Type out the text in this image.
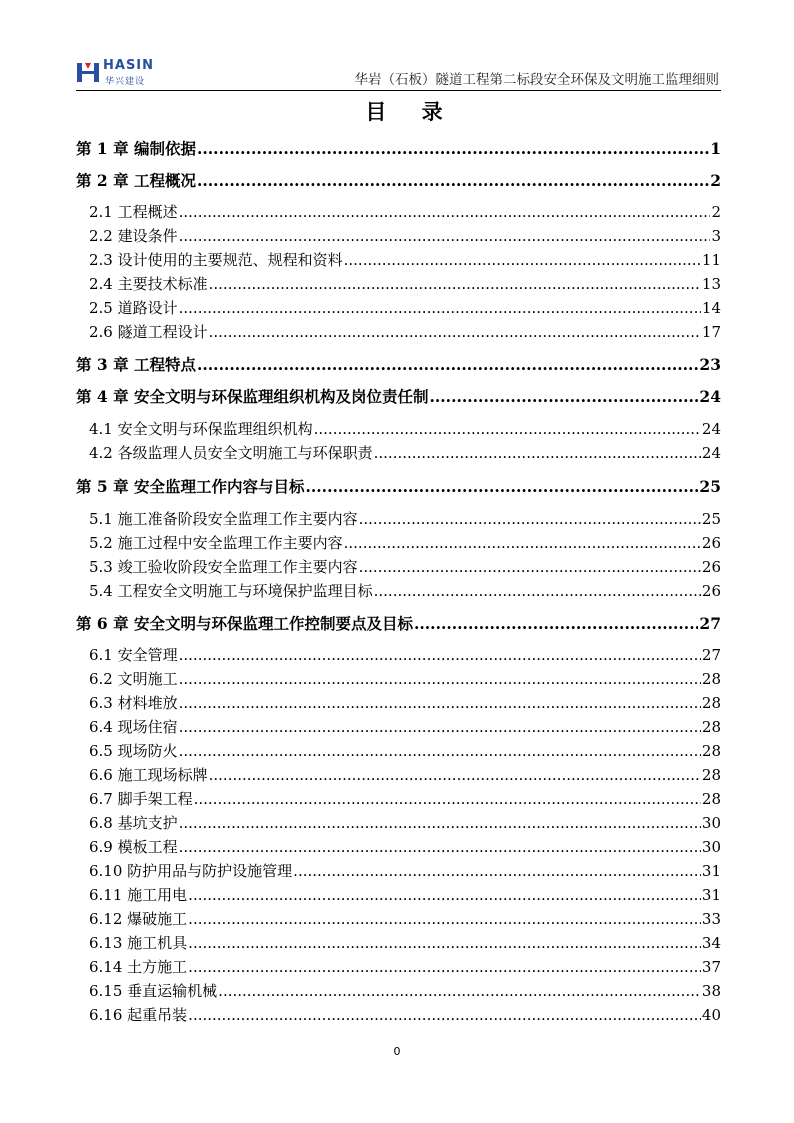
HASIN
华兴建设	华岩（石板）隧道工程第二标段安全环保及文明施工监理细则
目 录
第 1 章 编制依据 .....	1
第 2 章 工程概况 .....	2
2.1 工程概述 .....	2
2.2 建设条件 .....	3
2.3 设计使用的主要规范、规程和资料 .....	11
2.4 主要技术标准 .....	13
2.5 道路设计 .....	14
2.6 隧道工程设计 .....	17
第 3 章 工程特点 .....	23
第 4 章 安全文明与环保监理组织机构及岗位责任制 .....	24
4.1 安全文明与环保监理组织机构 .....	24
4.2 各级监理人员安全文明施工与环保职责 .....	24
第 5 章 安全监理工作内容与目标 .....	25
5.1 施工准备阶段安全监理工作主要内容 .....	25
5.2 施工过程中安全监理工作主要内容 .....	26
5.3 竣工验收阶段安全监理工作主要内容 .....	26
5.4 工程安全文明施工与环境保护监理目标 .....	26
第 6 章 安全文明与环保监理工作控制要点及目标 .....	27
6.1 安全管理 .....	27
6.2 文明施工 .....	28
6.3 材料堆放 .....	28
6.4 现场住宿 .....	28
6.5 现场防火 .....	28
6.6 施工现场标牌 .....	28
6.7 脚手架工程 .....	28
6.8 基坑支护 .....	30
6.9 模板工程 .....	30
6.10 防护用品与防护设施管理 .....	31
6.11 施工用电 .....	31
6.12 爆破施工 .....	33
6.13 施工机具 .....	34
6.14 土方施工 .....	37
6.15 垂直运输机械 .....	38
6.16 起重吊装 .....	40
0
